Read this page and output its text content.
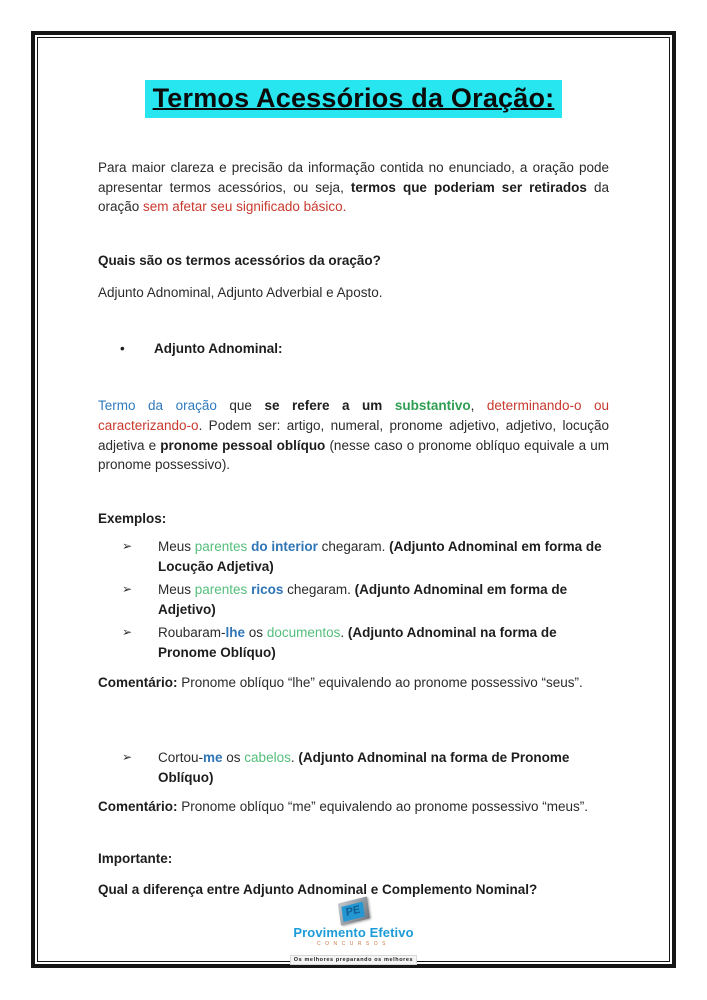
Termos Acessórios da Oração:

Para maior clareza e precisão da informação contida no enunciado, a oração pode apresentar termos acessórios, ou seja, termos que poderiam ser retirados da oração sem afetar seu significado básico.

Quais são os termos acessórios da oração?

Adjunto Adnominal, Adjunto Adverbial e Aposto.

•	Adjunto Adnominal:

Termo da oração que se refere a um substantivo, determinando-o ou caracterizando-o. Podem ser: artigo, numeral, pronome adjetivo, adjetivo, locução adjetiva e pronome pessoal oblíquo (nesse caso o pronome oblíquo equivale a um pronome possessivo).

Exemplos:

➢	Meus parentes do interior chegaram. (Adjunto Adnominal em forma de Locução Adjetiva)
➢	Meus parentes ricos chegaram. (Adjunto Adnominal em forma de Adjetivo)
➢	Roubaram-lhe os documentos. (Adjunto Adnominal na forma de Pronome Oblíquo)

Comentário: Pronome oblíquo “lhe” equivalendo ao pronome possessivo “seus”.

➢	Cortou-me os cabelos. (Adjunto Adnominal na forma de Pronome Oblíquo)

Comentário: Pronome oblíquo “me” equivalendo ao pronome possessivo “meus”.

Importante:

Qual a diferença entre Adjunto Adnominal e Complemento Nominal?

PE
Provimento Efetivo
CONCURSOS
Os melhores preparando os melhores
